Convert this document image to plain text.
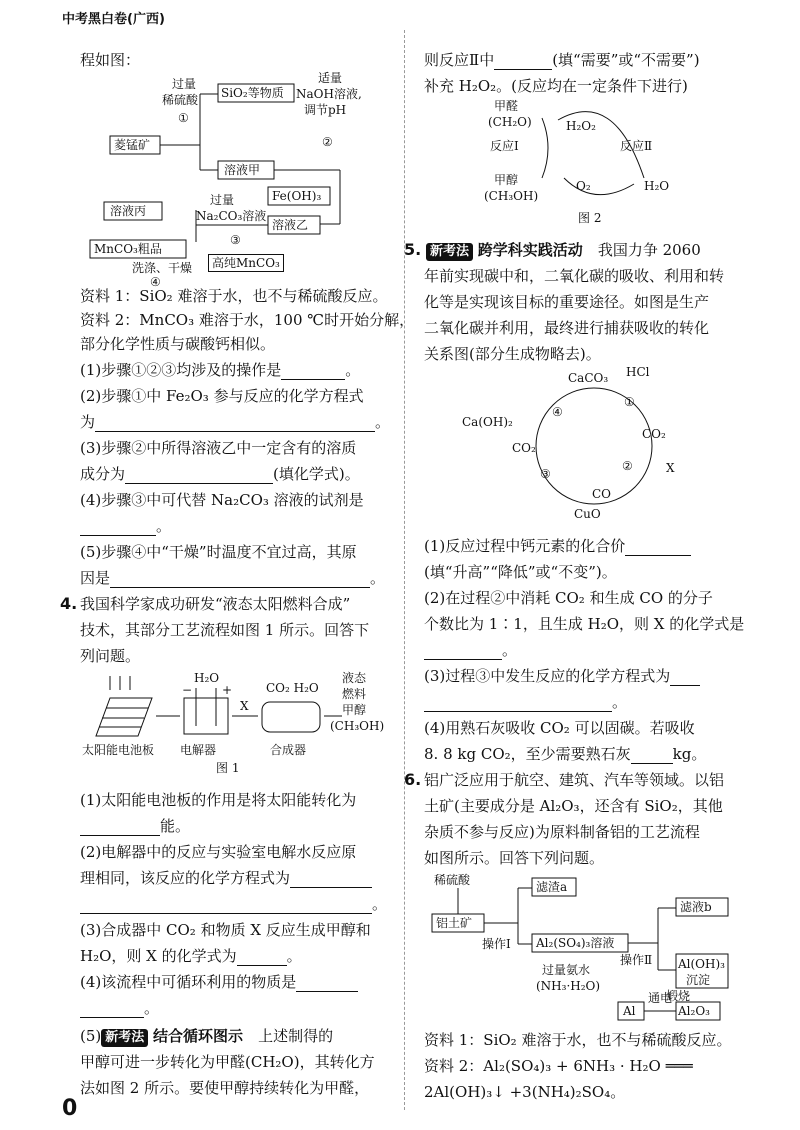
中考黑白卷(广西)
程如图：
菱锰矿
过量
稀硫酸
①
SiO₂等物质
溶液甲
适量
NaOH溶液,
调节pH
②
Fe(OH)₃
溶液乙
过量
Na₂CO₃溶液
③
溶液丙
MnCO₃粗品
洗涤、干燥
④
高纯MnCO₃
资料 1：SiO₂ 难溶于水，也不与稀硫酸反应。
资料 2：MnCO₃ 难溶于水，100 ℃时开始分解，
部分化学性质与碳酸钙相似。
(1)步骤①②③均涉及的操作是	。
(2)步骤①中 Fe₂O₃ 参与反应的化学方程式
为	。
(3)步骤②中所得溶液乙中一定含有的溶质
成分为	(填化学式)。
(4)步骤③中可代替 Na₂CO₃ 溶液的试剂是
。
(5)步骤④中“干燥”时温度不宜过高，其原
因是	。
4. 我国科学家成功研发“液态太阳燃料合成”
技术，其部分工艺流程如图 1 所示。回答下
列问题。
H₂O
− +
X
CO₂ H₂O
液态
燃料
甲醇
(CH₃OH)
太阳能电池板 电解器	合成器
图 1
(1)太阳能电池板的作用是将太阳能转化为
能。
(2)电解器中的反应与实验室电解水反应原
理相同，该反应的化学方程式为
。
(3)合成器中 CO₂ 和物质 X 反应生成甲醇和
H₂O，则 X 的化学式为	。
(4)该流程中可循环利用的物质是
。
(5) 新考法 结合循环图示　 上述制得的
甲醇可进一步转化为甲醛(CH₂O)，其转化方
法如图 2 所示。要使甲醇持续转化为甲醛，
则反应Ⅱ中	(填“需要”或“不需要”)
补充 H₂O₂。(反应均在一定条件下进行)
甲醛
(CH₂O)
反应Ⅰ
甲醇
(CH₃OH)
H₂O₂
O₂
反应Ⅱ
H₂O
图 2
5. 新考法 跨学科实践活动　 我国力争 2060
年前实现碳中和，二氧化碳的吸收、利用和转
化等是实现该目标的重要途径。如图是生产
二氧化碳并利用，最终进行捕获吸收的转化
关系图(部分生成物略去)。
CaCO₃ HCl
①
CO₂
②	X
CO
CuO
③
CO₂
Ca(OH)₂
④
(1)反应过程中钙元素的化合价
(填“升高”“降低”或“不变”)。
(2)在过程②中消耗 CO₂ 和生成 CO 的分子
个数比为 1∶1，且生成 H₂O，则 X 的化学式是
。
(3)过程③中发生反应的化学方程式为
。
(4)用熟石灰吸收 CO₂ 可以固碳。若吸收
8. 8 kg CO₂，至少需要熟石灰	kg。
6. 铝广泛应用于航空、建筑、汽车等领域。以铝
土矿(主要成分是 Al₂O₃，还含有 SiO₂，其他
杂质不参与反应)为原料制备铝的工艺流程
如图所示。回答下列问题。
稀硫酸
铝土矿
操作Ⅰ
滤渣a
Al₂(SO₄)₃溶液
过量氨水
(NH₃·H₂O)
操作Ⅱ
滤液b
Al(OH)₃
沉淀
煅烧
Al₂O₃
通电
Al
资料 1：SiO₂ 难溶于水，也不与稀硫酸反应。
资料 2：Al₂(SO₄)₃ + 6NH₃ · H₂O ═══
2Al(OH)₃↓ +3(NH₄)₂SO₄。
0
